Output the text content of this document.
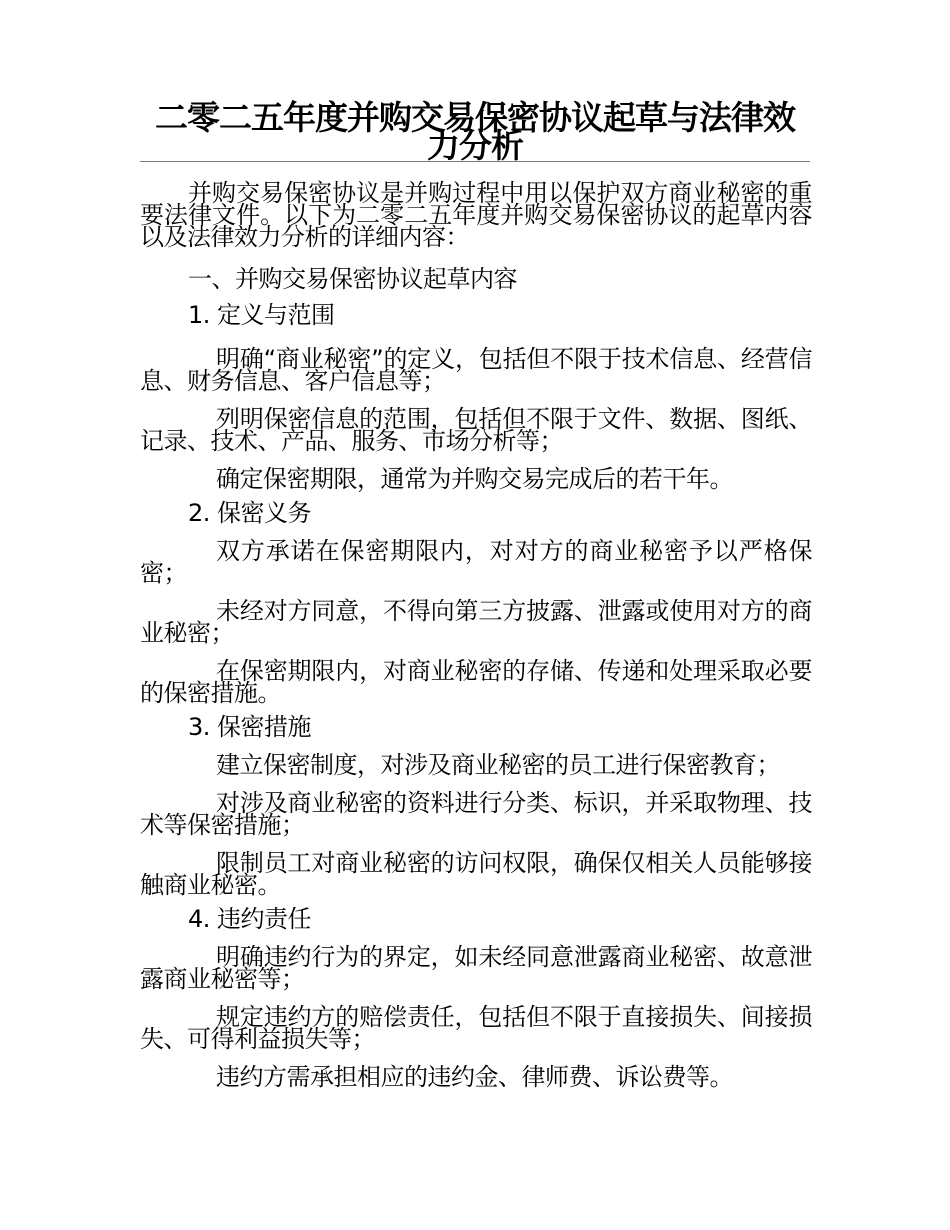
二零二五年度并购交易保密协议起草与法律效力分析

并购交易保密协议是并购过程中用以保护双方商业秘密的重要法律文件。以下为二零二五年度并购交易保密协议的起草内容以及法律效力分析的详细内容：

一、并购交易保密协议起草内容

1. 定义与范围

明确“商业秘密”的定义，包括但不限于技术信息、经营信息、财务信息、客户信息等；

列明保密信息的范围，包括但不限于文件、数据、图纸、记录、技术、产品、服务、市场分析等；

确定保密期限，通常为并购交易完成后的若干年。

2. 保密义务

双方承诺在保密期限内，对对方的商业秘密予以严格保密；

未经对方同意，不得向第三方披露、泄露或使用对方的商业秘密；

在保密期限内，对商业秘密的存储、传递和处理采取必要的保密措施。

3. 保密措施

建立保密制度，对涉及商业秘密的员工进行保密教育；

对涉及商业秘密的资料进行分类、标识，并采取物理、技术等保密措施；

限制员工对商业秘密的访问权限，确保仅相关人员能够接触商业秘密。

4. 违约责任

明确违约行为的界定，如未经同意泄露商业秘密、故意泄露商业秘密等；

规定违约方的赔偿责任，包括但不限于直接损失、间接损失、可得利益损失等；

违约方需承担相应的违约金、律师费、诉讼费等。
